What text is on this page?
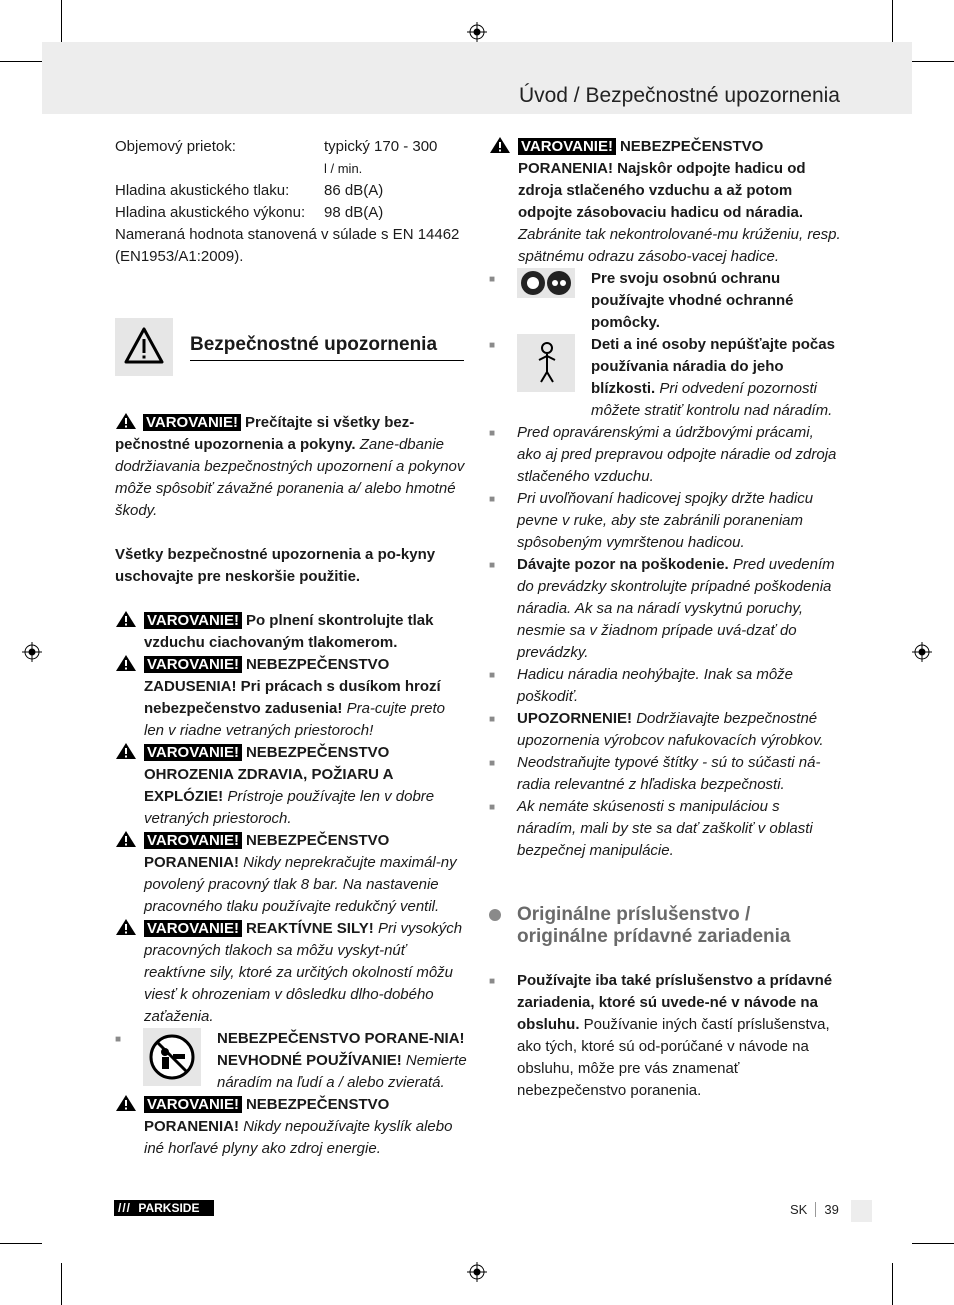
Úvod / Bezpečnostné upozornenia
Objemový prietok:	typický 170 - 300
l / min.
Hladina akustického tlaku:	86 dB(A)
Hladina akustického výkonu:	98 dB(A)

Nameraná hodnota stanovená v súlade s EN 14462 (EN1953/A1:2009).

Bezpečnostné upozornenia

VAROVANIE! Prečítajte si všetky bez-pečnostné upozornenia a pokyny. Zane-dbanie dodržiavania bezpečnostných upozornení a pokynov môže spôsobiť závažné poranenia a/ alebo hmotné škody.

Všetky bezpečnostné upozornenia a po-kyny uschovajte pre neskoršie použitie.

VAROVANIE! Po plnení skontrolujte tlak vzduchu ciachovaným tlakomerom.
VAROVANIE! NEBEZPEČENSTVO ZADUSENIA! Pri prácach s dusíkom hrozí nebezpečenstvo zadusenia! Pra-cujte preto len v riadne vetraných priestoroch!
VAROVANIE! NEBEZPEČENSTVO OHROZENIA ZDRAVIA, POŽIARU A EXPLÓZIE! Prístroje používajte len v dobre vetraných priestoroch.
VAROVANIE! NEBEZPEČENSTVO PORANENIA! Nikdy neprekračujte maximál-ny povolený pracovný tlak 8 bar. Na nastavenie pracovného tlaku používajte redukčný ventil.
VAROVANIE! REAKTÍVNE SILY! Pri vysokých pracovných tlakoch sa môžu vyskyt-núť reaktívne sily, ktoré za určitých okolností môžu viesť k ohrozeniam v dôsledku dlho-dobého zaťaženia.
■	NEBEZPEČENSTVO PORANE-NIA! NEVHODNÉ POUŽÍVANIE! Nemierte náradím na ľudí a / alebo zvieratá.
VAROVANIE! NEBEZPEČENSTVO PORANENIA! Nikdy nepoužívajte kyslík alebo iné horľavé plyny ako zdroj energie.
VAROVANIE! NEBEZPEČENSTVO PORANENIA! Najskôr odpojte hadicu od zdroja stlačeného vzduchu a až potom odpojte zásobovaciu hadicu od náradia. Zabránite tak nekontrolované-mu krúženiu, resp. spätnému odrazu zásobo-vacej hadice.
■	Pre svoju osobnú ochranu používajte vhodné ochranné pomôcky.
■	Deti a iné osoby nepúšťajte počas používania náradia do jeho blízkosti. Pri odvedení pozornosti môžete stratiť kontrolu nad náradím.
■	Pred opravárenskými a údržbovými prácami, ako aj pred prepravou odpojte náradie od zdroja stlačeného vzduchu.
■	Pri uvoľňovaní hadicovej spojky držte hadicu pevne v ruke, aby ste zabránili poraneniam spôsobeným vymrštenou hadicou.
■	Dávajte pozor na poškodenie. Pred uvedením do prevádzky skontrolujte prípadné poškodenia náradia. Ak sa na náradí vyskytnú poruchy, nesmie sa v žiadnom prípade uvá-dzať do prevádzky.
■	Hadicu náradia neohýbajte. Inak sa môže poškodiť.
■	UPOZORNENIE! Dodržiavajte bezpečnostné upozornenia výrobcov nafukovacích výrobkov.
■	Neodstraňujte typové štítky - sú to súčasti ná-radia relevantné z hľadiska bezpečnosti.
■	Ak nemáte skúsenosti s manipuláciou s náradím, mali by ste sa dať zaškoliť v oblasti bezpečnej manipulácie.
Originálne príslušenstvo / originálne prídavné zariadenia
■	Používajte iba také príslušenstvo a prídavné zariadenia, ktoré sú uvede-né v návode na obsluhu. Používanie iných častí príslušenstva, ako tých, ktoré sú od-porúčané v návode na obsluhu, môže pre vás znamenať nebezpečenstvo poranenia.
/// PARKSIDE	SK 39
